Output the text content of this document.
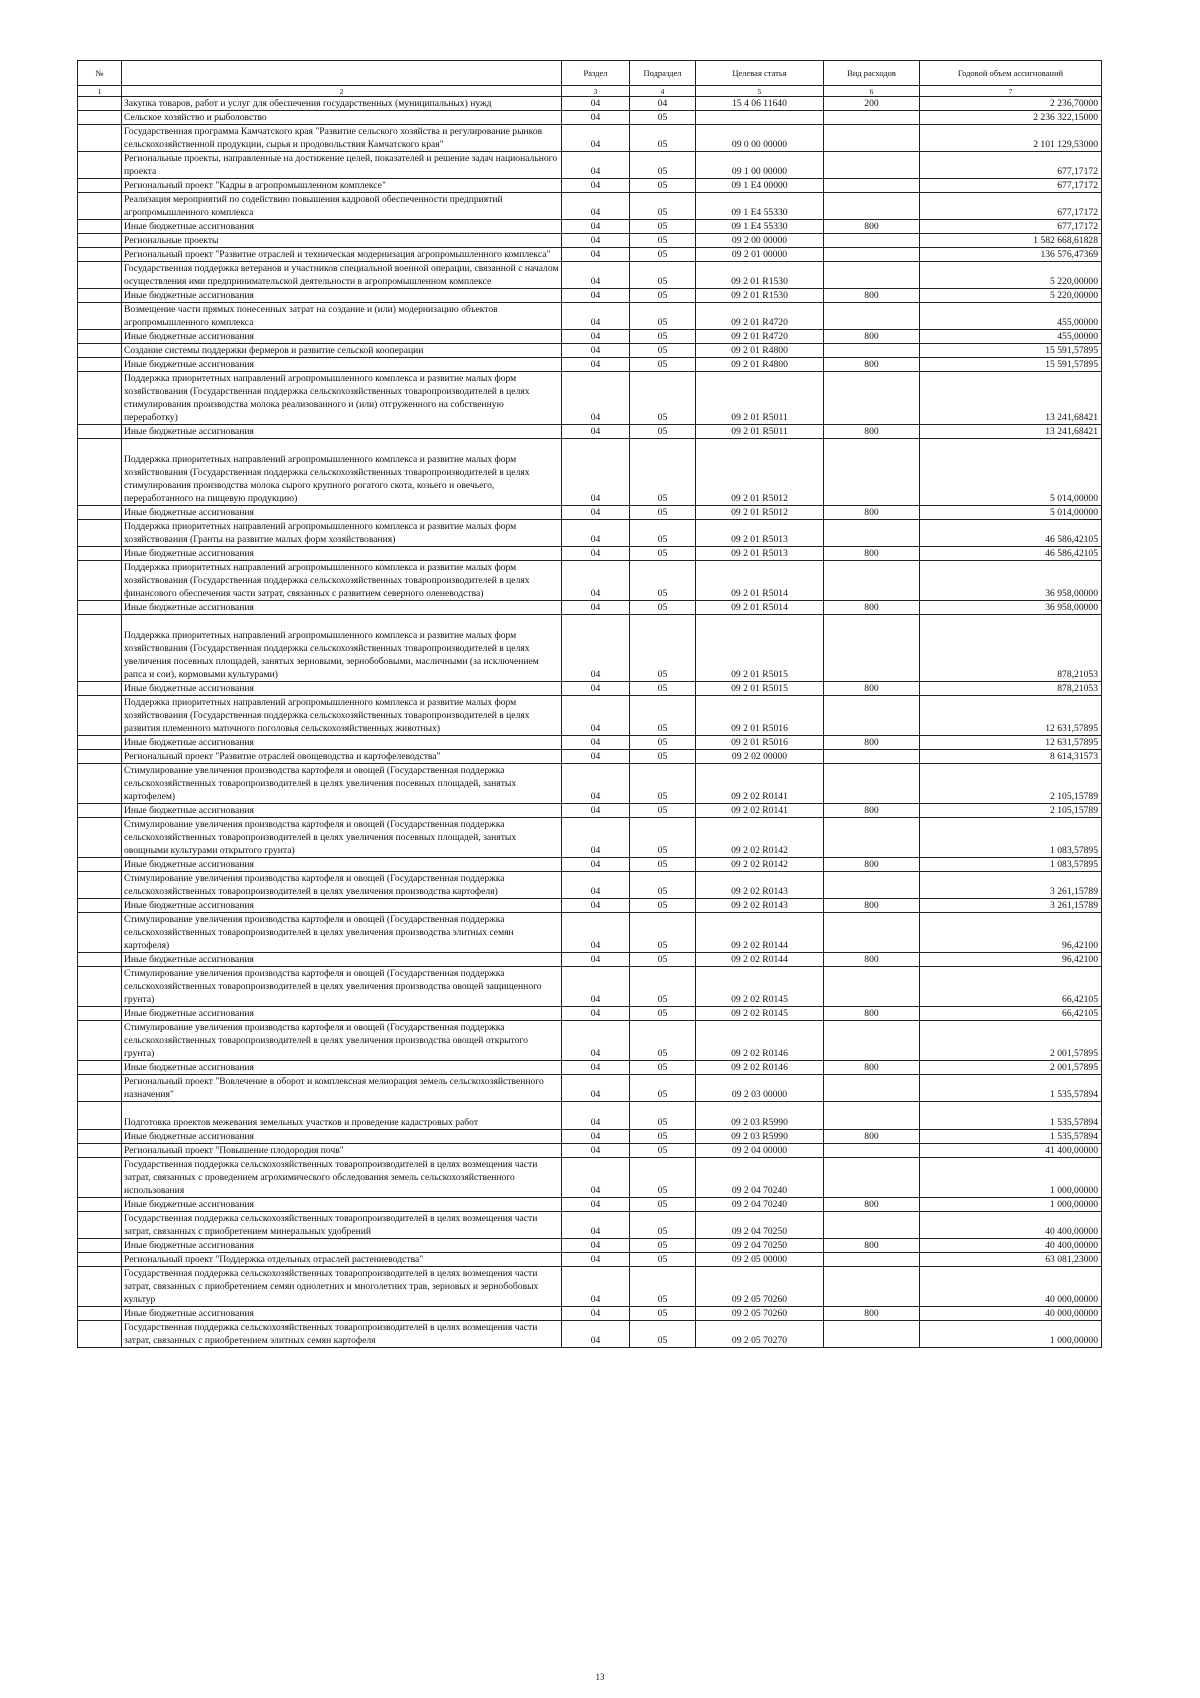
№		Раздел	Подраздел	Целевая статья	Вид расходов	Годовой объем ассигнований
1	2	3	4	5	6	7
	Закупка товаров, работ и услуг для обеспечения государственных (муниципальных) нужд	04	04	15 4 06 11640	200	2 236,70000
	Сельское хозяйство и рыболовство	04	05			2 236 322,15000
	Государственная программа Камчатского края "Развитие сельского хозяйства и регулирование рынков сельскохозяйственной продукции, сырья и продовольствия Камчатского края"	04	05	09 0 00 00000		2 101 129,53000
	Региональные проекты, направленные на достижение целей, показателей и решение задач национального проекта	04	05	09 1 00 00000		677,17172
	Региональный проект "Кадры в агропромышленном комплексе"	04	05	09 1 Е4 00000		677,17172
	Реализация мероприятий по содействию повышения кадровой обеспеченности предприятий агропромышленного комплекса	04	05	09 1 Е4 55330		677,17172
	Иные бюджетные ассигнования	04	05	09 1 Е4 55330	800	677,17172
	Региональные проекты	04	05	09 2 00 00000		1 582 668,61828
	Региональный проект "Развитие отраслей и техническая модернизация агропромышленного комплекса"	04	05	09 2 01 00000		136 576,47369
	Государственная поддержка ветеранов и участников специальной военной операции, связанной с началом осуществления ими предпринимательской деятельности в агропромышленном комплексе	04	05	09 2 01 R1530		5 220,00000
	Иные бюджетные ассигнования	04	05	09 2 01 R1530	800	5 220,00000
	Возмещение части прямых понесенных затрат на создание и (или) модернизацию объектов агропромышленного комплекса	04	05	09 2 01 R4720		455,00000
	Иные бюджетные ассигнования	04	05	09 2 01 R4720	800	455,00000
	Создание системы поддержки фермеров и развитие сельской кооперации	04	05	09 2 01 R4800		15 591,57895
	Иные бюджетные ассигнования	04	05	09 2 01 R4800	800	15 591,57895
	Поддержка приоритетных направлений агропромышленного комплекса и развитие малых форм хозяйствования (Государственная поддержка сельскохозяйственных товаропроизводителей в целях стимулирования производства молока реализованного и (или) отгруженного на собственную переработку)	04	05	09 2 01 R5011		13 241,68421
	Иные бюджетные ассигнования	04	05	09 2 01 R5011	800	13 241,68421
	Поддержка приоритетных направлений агропромышленного комплекса и развитие малых форм хозяйствования (Государственная поддержка сельскохозяйственных товаропроизводителей в целях стимулирования производства молока сырого крупного рогатого скота, козьего и овечьего, переработанного на пищевую продукцию)	04	05	09 2 01 R5012		5 014,00000
	Иные бюджетные ассигнования	04	05	09 2 01 R5012	800	5 014,00000
	Поддержка приоритетных направлений агропромышленного комплекса и развитие малых форм хозяйствования (Гранты на развитие малых форм хозяйствования)	04	05	09 2 01 R5013		46 586,42105
	Иные бюджетные ассигнования	04	05	09 2 01 R5013	800	46 586,42105
	Поддержка приоритетных направлений агропромышленного комплекса и развитие малых форм хозяйствования (Государственная поддержка сельскохозяйственных товаропроизводителей в целях финансового обеспечения части затрат, связанных с развитием северного оленеводства)	04	05	09 2 01 R5014		36 958,00000
	Иные бюджетные ассигнования	04	05	09 2 01 R5014	800	36 958,00000
	Поддержка приоритетных направлений агропромышленного комплекса и развитие малых форм хозяйствования (Государственная поддержка сельскохозяйственных товаропроизводителей в целях увеличения посевных площадей, занятых зерновыми, зернобобовыми, масличными (за исключением рапса и сои), кормовыми культурами)	04	05	09 2 01 R5015		878,21053
	Иные бюджетные ассигнования	04	05	09 2 01 R5015	800	878,21053
	Поддержка приоритетных направлений агропромышленного комплекса и развитие малых форм хозяйствования (Государственная поддержка сельскохозяйственных товаропроизводителей в целях развития племенного маточного поголовья сельскохозяйственных животных)	04	05	09 2 01 R5016		12 631,57895
	Иные бюджетные ассигнования	04	05	09 2 01 R5016	800	12 631,57895
	Региональный проект "Развитие отраслей овощеводства и картофелеводства"	04	05	09 2 02 00000		8 614,31573
	Стимулирование увеличения производства картофеля и овощей (Государственная поддержка сельскохозяйственных товаропроизводителей в целях увеличения посевных площадей, занятых картофелем)	04	05	09 2 02 R0141		2 105,15789
	Иные бюджетные ассигнования	04	05	09 2 02 R0141	800	2 105,15789
	Стимулирование увеличения производства картофеля и овощей (Государственная поддержка сельскохозяйственных товаропроизводителей в целях увеличения посевных площадей, занятых овощными культурами открытого грунта)	04	05	09 2 02 R0142		1 083,57895
	Иные бюджетные ассигнования	04	05	09 2 02 R0142	800	1 083,57895
	Стимулирование увеличения производства картофеля и овощей (Государственная поддержка сельскохозяйственных товаропроизводителей в целях увеличения производства картофеля)	04	05	09 2 02 R0143		3 261,15789
	Иные бюджетные ассигнования	04	05	09 2 02 R0143	800	3 261,15789
	Стимулирование увеличения производства картофеля и овощей (Государственная поддержка сельскохозяйственных товаропроизводителей в целях увеличения производства элитных семян картофеля)	04	05	09 2 02 R0144		96,42100
	Иные бюджетные ассигнования	04	05	09 2 02 R0144	800	96,42100
	Стимулирование увеличения производства картофеля и овощей (Государственная поддержка сельскохозяйственных товаропроизводителей в целях увеличения производства овощей защищенного грунта)	04	05	09 2 02 R0145		66,42105
	Иные бюджетные ассигнования	04	05	09 2 02 R0145	800	66,42105
	Стимулирование увеличения производства картофеля и овощей (Государственная поддержка сельскохозяйственных товаропроизводителей в целях увеличения производства овощей открытого грунта)	04	05	09 2 02 R0146		2 001,57895
	Иные бюджетные ассигнования	04	05	09 2 02 R0146	800	2 001,57895
	Региональный проект "Вовлечение в оборот и комплексная мелиорация земель сельскохозяйственного назначения"	04	05	09 2 03 00000		1 535,57894
	Подготовка проектов межевания земельных участков и проведение кадастровых работ	04	05	09 2 03 R5990		1 535,57894
	Иные бюджетные ассигнования	04	05	09 2 03 R5990	800	1 535,57894
	Региональный проект "Повышение плодородия почв"	04	05	09 2 04 00000		41 400,00000
	Государственная поддержка сельскохозяйственных товаропроизводителей в целях возмещения части затрат, связанных с проведением агрохимического обследования земель сельскохозяйственного использования	04	05	09 2 04 70240		1 000,00000
	Иные бюджетные ассигнования	04	05	09 2 04 70240	800	1 000,00000
	Государственная поддержка сельскохозяйственных товаропроизводителей в целях возмещения части затрат, связанных с приобретением минеральных удобрений	04	05	09 2 04 70250		40 400,00000
	Иные бюджетные ассигнования	04	05	09 2 04 70250	800	40 400,00000
	Региональный проект "Поддержка отдельных отраслей растениеводства"	04	05	09 2 05 00000		63 081,23000
	Государственная поддержка сельскохозяйственных товаропроизводителей в целях возмещения части затрат, связанных с приобретением семян однолетних и многолетних трав, зерновых и зернобобовых культур	04	05	09 2 05 70260		40 000,00000
	Иные бюджетные ассигнования	04	05	09 2 05 70260	800	40 000,00000
	Государственная поддержка сельскохозяйственных товаропроизводителей в целях возмещения части затрат, связанных с приобретением элитных семян картофеля	04	05	09 2 05 70270		1 000,00000
13
